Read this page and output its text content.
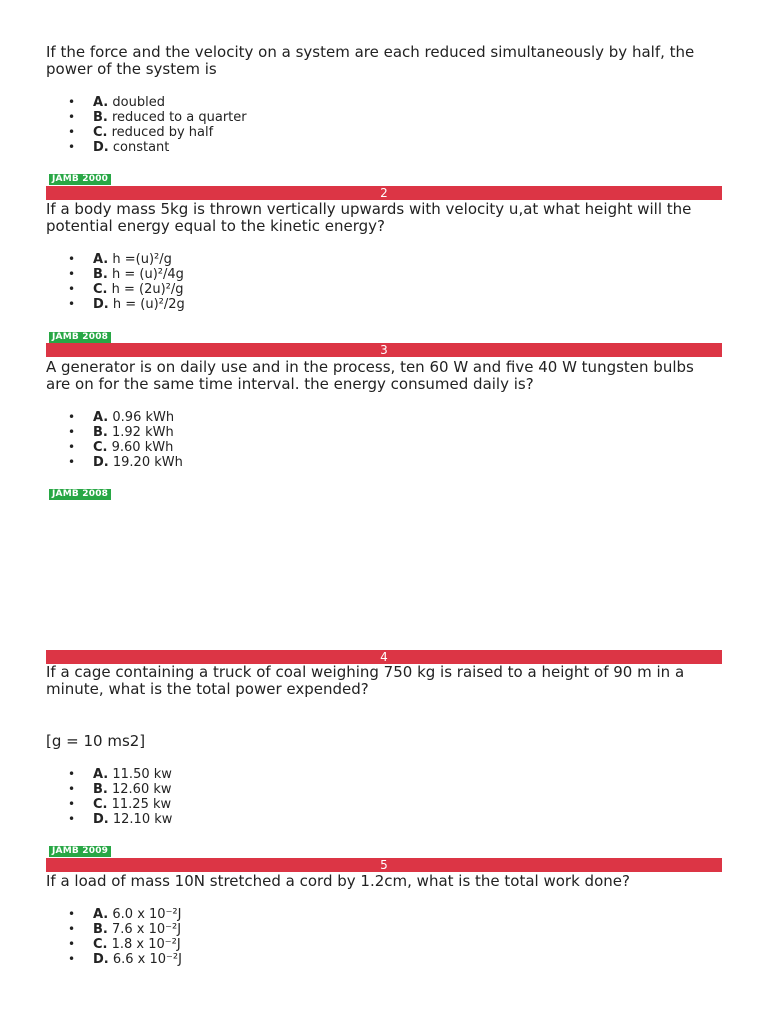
If the force and the velocity on a system are each reduced simultaneously by half, the power of the system is

• A. doubled
• B. reduced to a quarter
• C. reduced by half
• D. constant
JAMB 2000
2

If a body mass 5kg is thrown vertically upwards with velocity u,at what height will the potential energy equal to the kinetic energy?

• A. h =(u)²/g
• B. h = (u)²/4g
• C. h = (2u)²/g
• D. h = (u)²/2g
JAMB 2008
3

A generator is on daily use and in the process, ten 60 W and five 40 W tungsten bulbs are on for the same time interval. the energy consumed daily is?

• A. 0.96 kWh
• B. 1.92 kWh
• C. 9.60 kWh
• D. 19.20 kWh
JAMB 2008
4

If a cage containing a truck of coal weighing 750 kg is raised to a height of 90 m in a minute, what is the total power expended?

[g = 10 ms2]

• A. 11.50 kw
• B. 12.60 kw
• C. 11.25 kw
• D. 12.10 kw
JAMB 2009
5

If a load of mass 10N stretched a cord by 1.2cm, what is the total work done?

• A. 6.0 x 10⁻²J
• B. 7.6 x 10⁻²J
• C. 1.8 x 10⁻²J
• D. 6.6 x 10⁻²J
